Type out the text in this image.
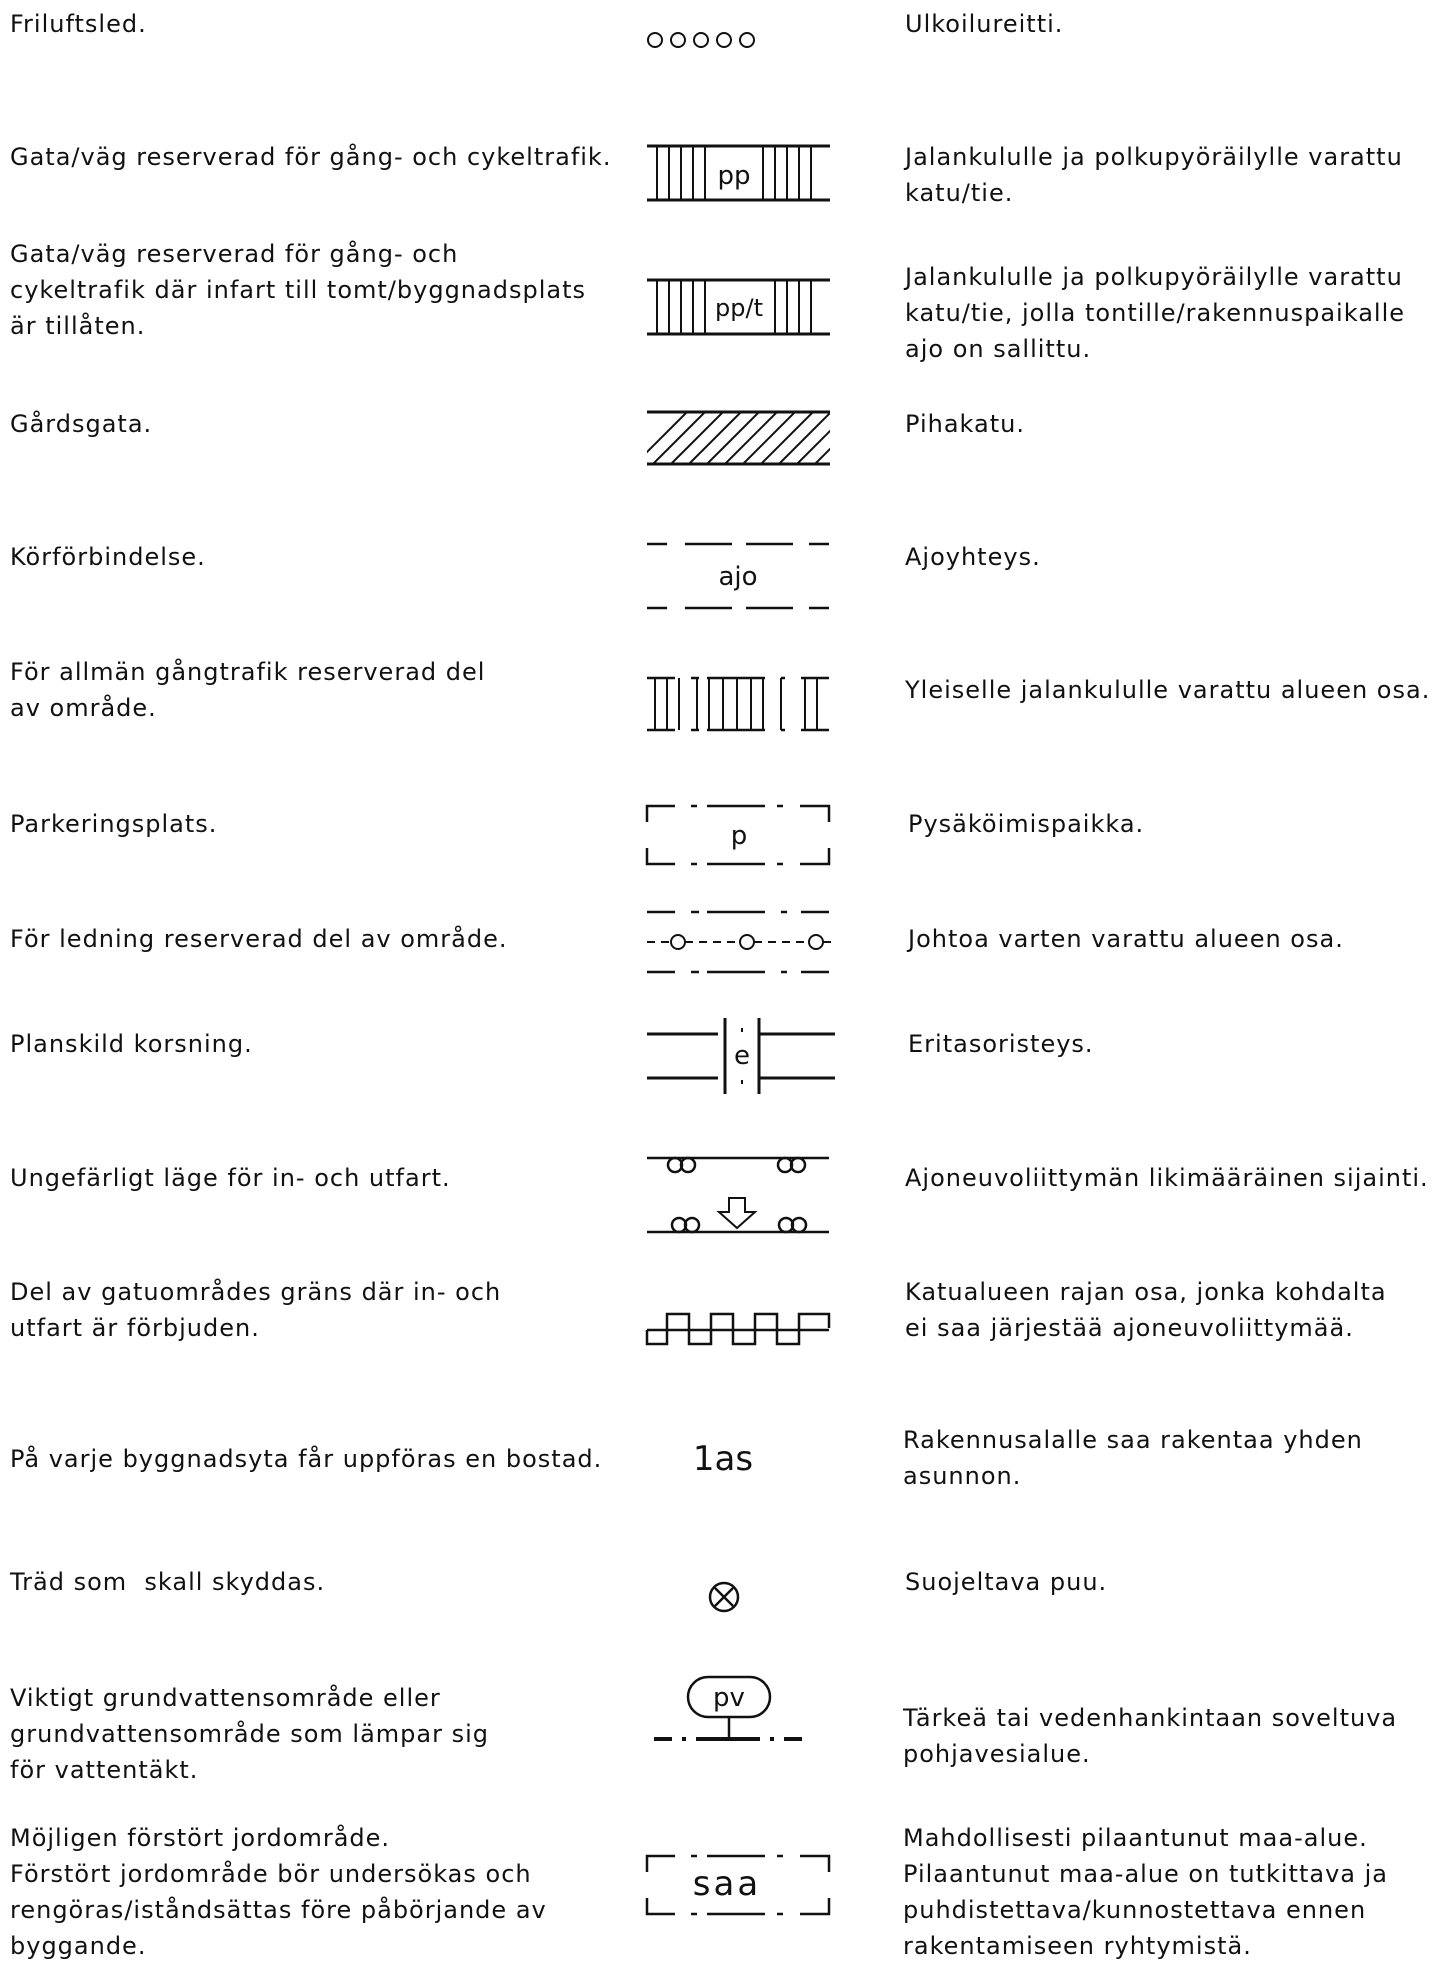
Friluftsled.
Gata/väg reserverad för gång- och cykeltrafik.
Gata/väg reserverad för gång- och
cykeltrafik där infart till tomt/byggnadsplats
är tillåten.
Gårdsgata.
Körförbindelse.
För allmän gångtrafik reserverad del
av område.
Parkeringsplats.
För ledning reserverad del av område.
Planskild korsning.
Ungefärligt läge för in- och utfart.
Del av gatuområdes gräns där in- och
utfart är förbjuden.
På varje byggnadsyta får uppföras en bostad.
Träd som  skall skyddas.
Viktigt grundvattensområde eller
grundvattensområde som lämpar sig
för vattentäkt.
Möjligen förstört jordområde.
Förstört jordområde bör undersökas och
rengöras/iståndsättas före påbörjande av
byggande.
Ulkoilureitti.
Jalankululle ja polkupyöräilylle varattu
katu/tie.
Jalankululle ja polkupyöräilylle varattu
katu/tie, jolla tontille/rakennuspaikalle
ajo on sallittu.
Pihakatu.
Ajoyhteys.
Yleiselle jalankululle varattu alueen osa.
Pysäköimispaikka.
Johtoa varten varattu alueen osa.
Eritasoristeys.
Ajoneuvoliittymän likimääräinen sijainti.
Katualueen rajan osa, jonka kohdalta
ei saa järjestää ajoneuvoliittymää.
Rakennusalalle saa rakentaa yhden
asunnon.
Suojeltava puu.
Tärkeä tai vedenhankintaan soveltuva
pohjavesialue.
Mahdollisesti pilaantunut maa-alue.
Pilaantunut maa-alue on tutkittava ja
puhdistettava/kunnostettava ennen
rakentamiseen ryhtymistä.
pp
pp/t
ajo
p
e
1as
pv
saa
